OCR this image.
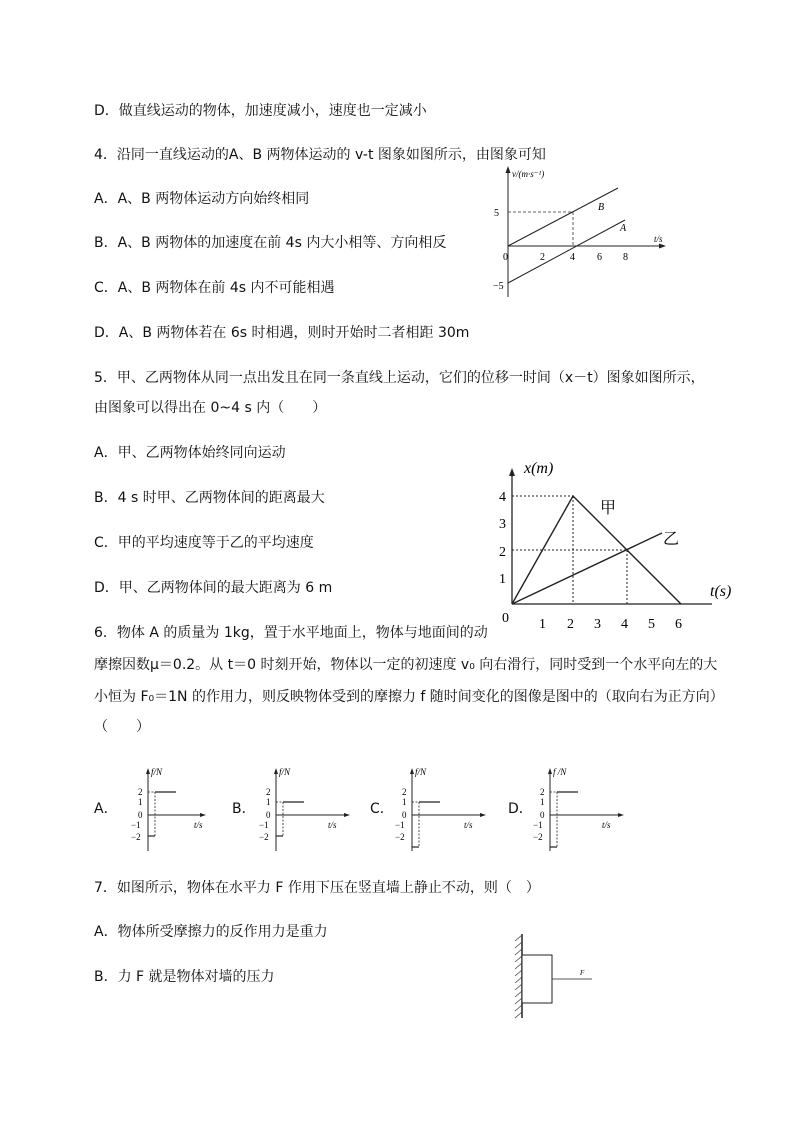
D．做直线运动的物体，加速度减小，速度也一定减小
4．沿同一直线运动的A、B 两物体运动的 v-t 图象如图所示，由图象可知
A．A、B 两物体运动方向始终相同
B．A、B 两物体的加速度在前 4s 内大小相等、方向相反
C．A、B 两物体在前 4s 内不可能相遇
D．A、B 两物体若在 6s 时相遇，则时开始时二者相距 30m
v/(m·s⁻¹)
t/s
0	2	4 6 8
5
−5
B
A
5．甲、乙两物体从同一点出发且在同一条直线上运动，它们的位移一时间（x－t）图象如图所示，
由图象可以得出在 0~4 s 内（　　）
A．甲、乙两物体始终同向运动
B．4 s 时甲、乙两物体间的距离最大
C．甲的平均速度等于乙的平均速度
D．甲、乙两物体间的最大距离为 6 m
x(m)
t(s)
0 1 2 3 4 5 6
1
2
3
4
甲
乙
6．物体 A 的质量为 1kg，置于水平地面上，物体与地面间的动
摩擦因数μ＝0.2。从 t＝0 时刻开始，物体以一定的初速度 v₀ 向右滑行，同时受到一个水平向左的大
小恒为 F₀＝1N 的作用力，则反映物体受到的摩擦力 f 随时间变化的图像是图中的（取向右为正方向）
（　　）
A．
f/N
t/s
2
1
0
−1
−2
B．
f/N
t/s
2
1
0
−1
−2
C．
f/N
t/s
2
1
0
−1
−2
D．
f /N
t/s
2
1
0
−1
−2
7．如图所示，物体在水平力 F 作用下压在竖直墙上静止不动，则（　）
A．物体所受摩擦力的反作用力是重力
B．力 F 就是物体对墙的压力	F
